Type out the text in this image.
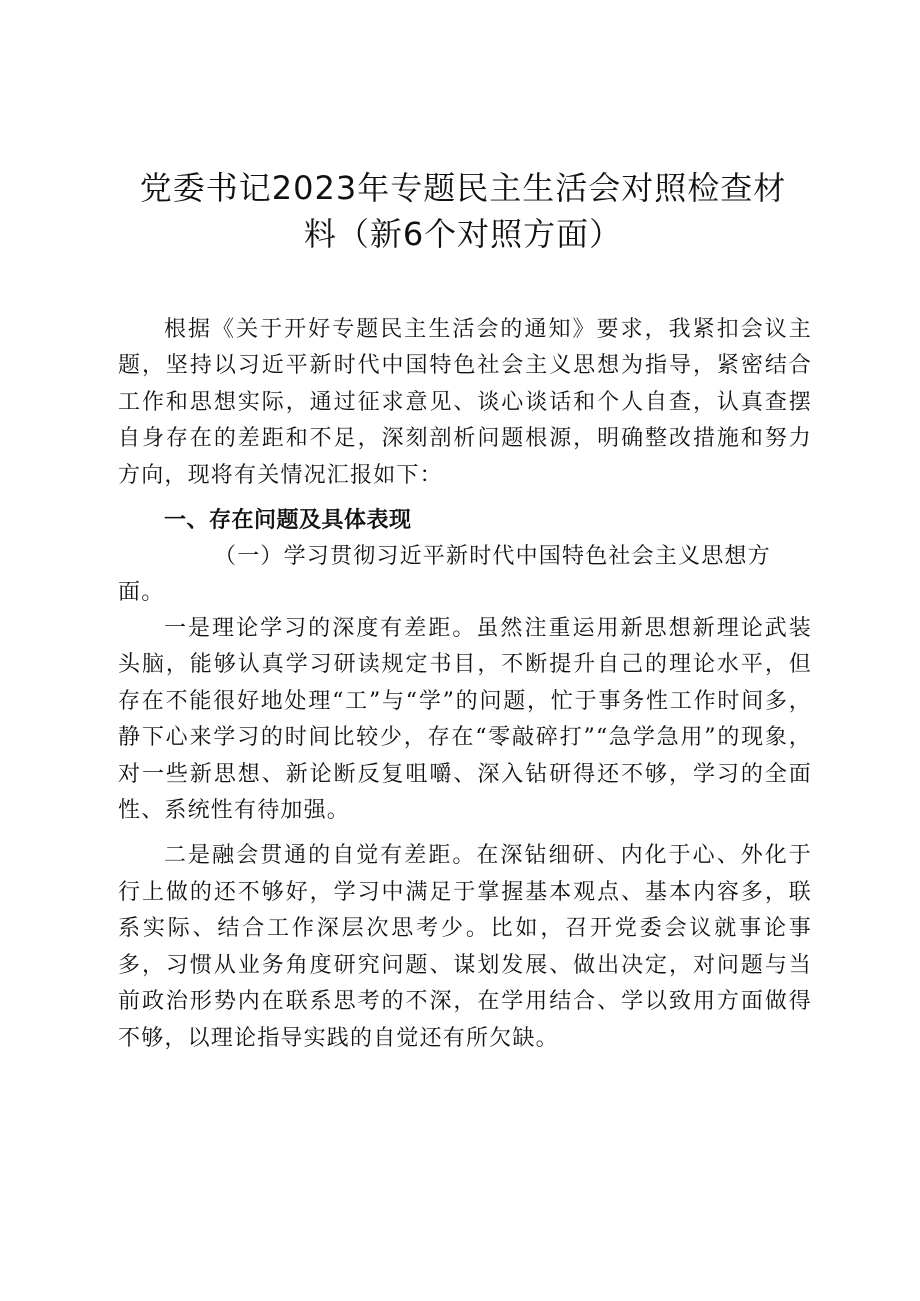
党委书记2023年专题民主生活会对照检查材
料（新6个对照方面）

根据《关于开好专题民主生活会的通知》要求，我紧扣会议主题，坚持以习近平新时代中国特色社会主义思想为指导，紧密结合工作和思想实际，通过征求意见、谈心谈话和个人自查，认真查摆自身存在的差距和不足，深刻剖析问题根源，明确整改措施和努力方向，现将有关情况汇报如下：

一、存在问题及具体表现

（一）学习贯彻习近平新时代中国特色社会主义思想方面。

一是理论学习的深度有差距。虽然注重运用新思想新理论武装头脑，能够认真学习研读规定书目，不断提升自己的理论水平，但存在不能很好地处理“工”与“学”的问题，忙于事务性工作时间多，静下心来学习的时间比较少，存在“零敲碎打”“急学急用”的现象，对一些新思想、新论断反复咀嚼、深入钻研得还不够，学习的全面性、系统性有待加强。

二是融会贯通的自觉有差距。在深钻细研、内化于心、外化于行上做的还不够好，学习中满足于掌握基本观点、基本内容多，联系实际、结合工作深层次思考少。比如，召开党委会议就事论事多，习惯从业务角度研究问题、谋划发展、做出决定，对问题与当前政治形势内在联系思考的不深，在学用结合、学以致用方面做得不够，以理论指导实践的自觉还有所欠缺。
